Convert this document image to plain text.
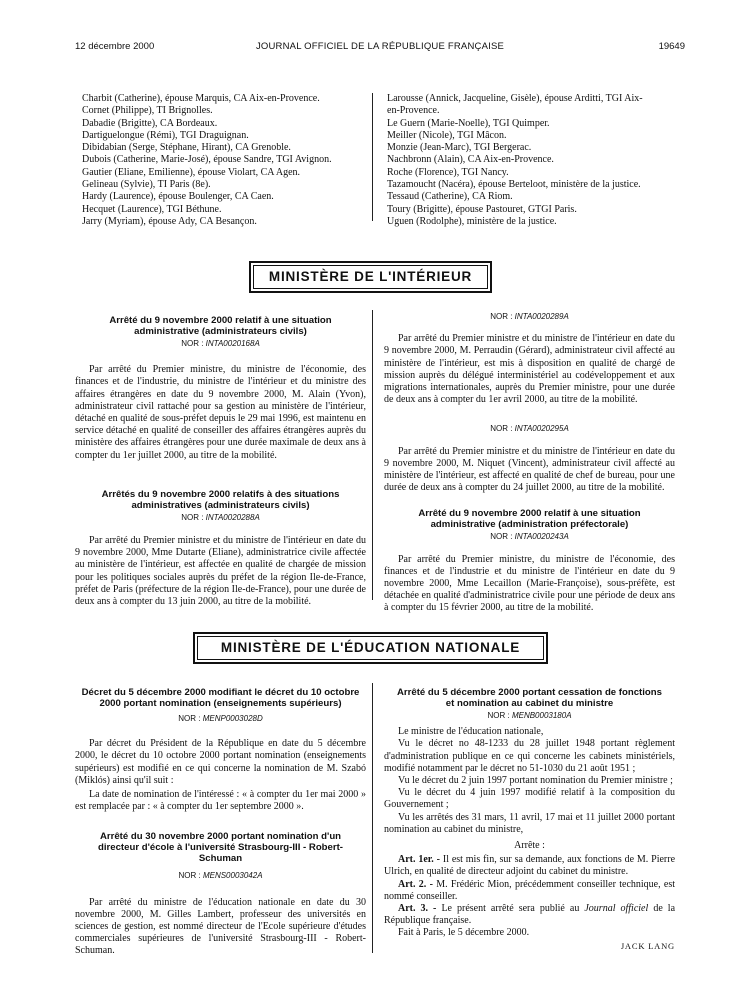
12 décembre 2000	JOURNAL OFFICIEL DE LA RÉPUBLIQUE FRANÇAISE	19649
Charbit (Catherine), épouse Marquis, CA Aix-en-Provence.
Cornet (Philippe), TI Brignolles.
Dabadie (Brigitte), CA Bordeaux.
Dartiguelongue (Rémi), TGI Draguignan.
Dibidabian (Serge, Stéphane, Hirant), CA Grenoble.
Dubois (Catherine, Marie-José), épouse Sandre, TGI Avignon.
Gautier (Eliane, Emilienne), épouse Violart, CA Agen.
Gelineau (Sylvie), TI Paris (8e).
Hardy (Laurence), épouse Boulenger, CA Caen.
Hecquet (Laurence), TGI Béthune.
Jarry (Myriam), épouse Ady, CA Besançon.
Larousse (Annick, Jacqueline, Gisèle), épouse Arditti, TGI Aix-
en-Provence.
Le Guern (Marie-Noelle), TGI Quimper.
Meiller (Nicole), TGI Mâcon.
Monzie (Jean-Marc), TGI Bergerac.
Nachbronn (Alain), CA Aix-en-Provence.
Roche (Florence), TGI Nancy.
Tazamoucht (Nacéra), épouse Berteloot, ministère de la justice.
Tessaud (Catherine), CA Riom.
Toury (Brigitte), épouse Pastouret, GTGI Paris.
Uguen (Rodolphe), ministère de la justice.
MINISTÈRE DE L'INTÉRIEUR
Arrêté du 9 novembre 2000 relatif à une situation administrative (administrateurs civils)
NOR : INTA0020168A
Par arrêté du Premier ministre, du ministre de l'économie, des finances et de l'industrie, du ministre de l'intérieur et du ministre des affaires étrangères en date du 9 novembre 2000, M. Alain (Yvon), administrateur civil rattaché pour sa gestion au ministère de l'intérieur, détaché en qualité de sous-préfet depuis le 29 mai 1996, est maintenu en service détaché en qualité de conseiller des affaires étrangères auprès du ministère des affaires étrangères pour une durée maximale de deux ans à compter du 1er juillet 2000, au titre de la mobilité.
Arrêtés du 9 novembre 2000 relatifs à des situations administratives (administrateurs civils)
NOR : INTA0020288A
Par arrêté du Premier ministre et du ministre de l'intérieur en date du 9 novembre 2000, Mme Dutarte (Eliane), administratrice civile affectée au ministère de l'intérieur, est affectée en qualité de chargée de mission pour les politiques sociales auprès du préfet de la région Ile-de-France, préfet de Paris (préfecture de la région Ile-de-France), pour une durée de deux ans à compter du 13 juin 2000, au titre de la mobilité.
NOR : INTA0020289A
Par arrêté du Premier ministre et du ministre de l'intérieur en date du 9 novembre 2000, M. Perraudin (Gérard), administrateur civil affecté au ministère de l'intérieur, est mis à disposition en qualité de chargé de mission auprès du délégué interministériel au codéveloppement et aux migrations internationales, auprès du Premier ministre, pour une durée de deux ans à compter du 1er avril 2000, au titre de la mobilité.
NOR : INTA0020295A
Par arrêté du Premier ministre et du ministre de l'intérieur en date du 9 novembre 2000, M. Niquet (Vincent), administrateur civil affecté au ministère de l'intérieur, est affecté en qualité de chef de bureau, pour une durée de deux ans à compter du 24 juillet 2000, au titre de la mobilité.
Arrêté du 9 novembre 2000 relatif à une situation administrative (administration préfectorale)
NOR : INTA0020243A
Par arrêté du Premier ministre, du ministre de l'économie, des finances et de l'industrie et du ministre de l'intérieur en date du 9 novembre 2000, Mme Lecaillon (Marie-Françoise), sous-préfète, est détachée en qualité d'administratrice civile pour une période de deux ans à compter du 15 février 2000, au titre de la mobilité.
MINISTÈRE DE L'ÉDUCATION NATIONALE
Décret du 5 décembre 2000 modifiant le décret du 10 octobre 2000 portant nomination (enseignements supérieurs)
NOR : MENP0003028D
Par décret du Président de la République en date du 5 décembre 2000, le décret du 10 octobre 2000 portant nomination (enseignements supérieurs) est modifié en ce qui concerne la nomination de M. Szabó (Miklós) ainsi qu'il suit :
La date de nomination de l'intéressé : « à compter du 1er mai 2000 » est remplacée par : « à compter du 1er septembre 2000 ».
Arrêté du 30 novembre 2000 portant nomination d'un directeur d'école à l'université Strasbourg-III - Robert-Schuman
NOR : MENS0003042A
Par arrêté du ministre de l'éducation nationale en date du 30 novembre 2000, M. Gilles Lambert, professeur des universités en sciences de gestion, est nommé directeur de l'Ecole supérieure d'études commerciales supérieures de l'université Strasbourg-III - Robert-Schuman.
Arrêté du 5 décembre 2000 portant cessation de fonctions et nomination au cabinet du ministre
NOR : MENB0003180A
Le ministre de l'éducation nationale,
Vu le décret no 48-1233 du 28 juillet 1948 portant règlement d'administration publique en ce qui concerne les cabinets ministériels, modifié notamment par le décret no 51-1030 du 21 août 1951 ;
Vu le décret du 2 juin 1997 portant nomination du Premier ministre ;
Vu le décret du 4 juin 1997 modifié relatif à la composition du Gouvernement ;
Vu les arrêtés des 31 mars, 11 avril, 17 mai et 11 juillet 2000 portant nomination au cabinet du ministre,
Arrête :
Art. 1er. - Il est mis fin, sur sa demande, aux fonctions de M. Pierre Ulrich, en qualité de directeur adjoint du cabinet du ministre.
Art. 2. - M. Frédéric Mion, précédemment conseiller technique, est nommé conseiller.
Art. 3. - Le présent arrêté sera publié au Journal officiel de la République française.
Fait à Paris, le 5 décembre 2000.
JACK LANG
